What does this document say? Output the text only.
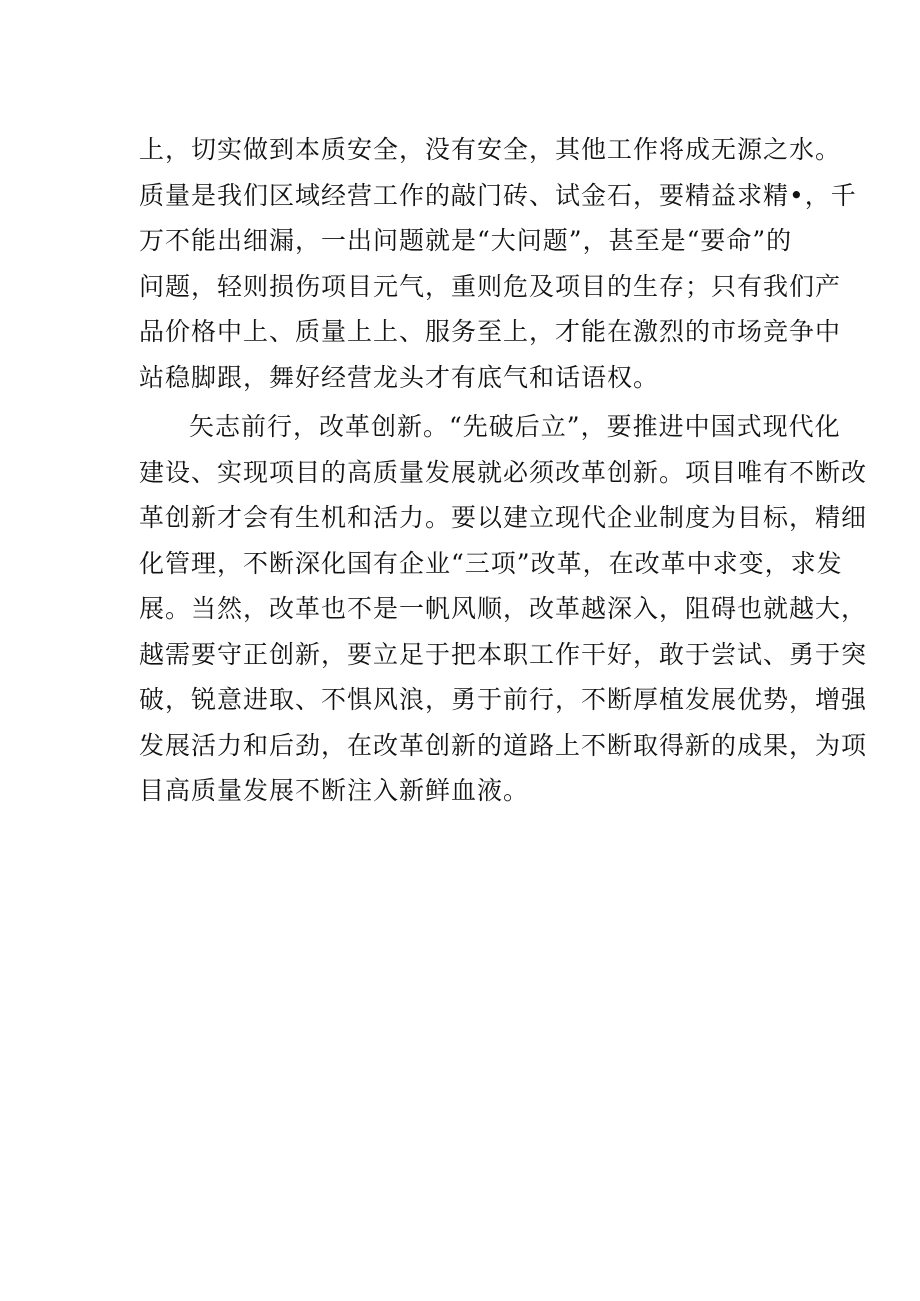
上，切实做到本质安全，没有安全，其他工作将成无源之水。
质量是我们区域经营工作的敲门砖、试金石，要精益求精•，千
万不能出细漏，一出问题就是“大问题”，甚至是“要命”的
问题，轻则损伤项目元气，重则危及项目的生存；只有我们产
品价格中上、质量上上、服务至上，才能在激烈的市场竞争中
站稳脚跟，舞好经营龙头才有底气和话语权。
矢志前行，改革创新。“先破后立”，要推进中国式现代化
建设、实现项目的高质量发展就必须改革创新。项目唯有不断改
革创新才会有生机和活力。要以建立现代企业制度为目标，精细
化管理，不断深化国有企业“三项”改革，在改革中求变，求发
展。当然，改革也不是一帆风顺，改革越深入，阻碍也就越大，
越需要守正创新，要立足于把本职工作干好，敢于尝试、勇于突
破，锐意进取、不惧风浪，勇于前行，不断厚植发展优势，增强
发展活力和后劲，在改革创新的道路上不断取得新的成果，为项
目高质量发展不断注入新鲜血液。
